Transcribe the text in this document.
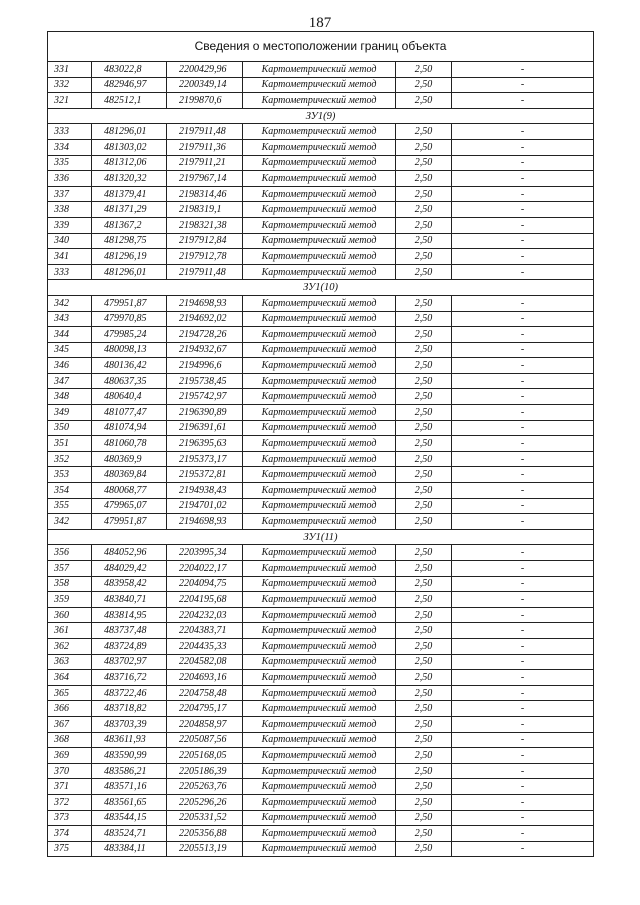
187
Сведения о местоположении границ объекта					
331	483022,8	2200429,96	Картометрический метод	2,50	-
332	482946,97	2200349,14	Картометрический метод	2,50	-
321	482512,1	2199870,6	Картометрический метод	2,50	-
ЗУ1(9)					
333	481296,01	2197911,48	Картометрический метод	2,50	-
334	481303,02	2197911,36	Картометрический метод	2,50	-
335	481312,06	2197911,21	Картометрический метод	2,50	-
336	481320,32	2197967,14	Картометрический метод	2,50	-
337	481379,41	2198314,46	Картометрический метод	2,50	-
338	481371,29	2198319,1	Картометрический метод	2,50	-
339	481367,2	2198321,38	Картометрический метод	2,50	-
340	481298,75	2197912,84	Картометрический метод	2,50	-
341	481296,19	2197912,78	Картометрический метод	2,50	-
333	481296,01	2197911,48	Картометрический метод	2,50	-
ЗУ1(10)					
342	479951,87	2194698,93	Картометрический метод	2,50	-
343	479970,85	2194692,02	Картометрический метод	2,50	-
344	479985,24	2194728,26	Картометрический метод	2,50	-
345	480098,13	2194932,67	Картометрический метод	2,50	-
346	480136,42	2194996,6	Картометрический метод	2,50	-
347	480637,35	2195738,45	Картометрический метод	2,50	-
348	480640,4	2195742,97	Картометрический метод	2,50	-
349	481077,47	2196390,89	Картометрический метод	2,50	-
350	481074,94	2196391,61	Картометрический метод	2,50	-
351	481060,78	2196395,63	Картометрический метод	2,50	-
352	480369,9	2195373,17	Картометрический метод	2,50	-
353	480369,84	2195372,81	Картометрический метод	2,50	-
354	480068,77	2194938,43	Картометрический метод	2,50	-
355	479965,07	2194701,02	Картометрический метод	2,50	-
342	479951,87	2194698,93	Картометрический метод	2,50	-
ЗУ1(11)					
356	484052,96	2203995,34	Картометрический метод	2,50	-
357	484029,42	2204022,17	Картометрический метод	2,50	-
358	483958,42	2204094,75	Картометрический метод	2,50	-
359	483840,71	2204195,68	Картометрический метод	2,50	-
360	483814,95	2204232,03	Картометрический метод	2,50	-
361	483737,48	2204383,71	Картометрический метод	2,50	-
362	483724,89	2204435,33	Картометрический метод	2,50	-
363	483702,97	2204582,08	Картометрический метод	2,50	-
364	483716,72	2204693,16	Картометрический метод	2,50	-
365	483722,46	2204758,48	Картометрический метод	2,50	-
366	483718,82	2204795,17	Картометрический метод	2,50	-
367	483703,39	2204858,97	Картометрический метод	2,50	-
368	483611,93	2205087,56	Картометрический метод	2,50	-
369	483590,99	2205168,05	Картометрический метод	2,50	-
370	483586,21	2205186,39	Картометрический метод	2,50	-
371	483571,16	2205263,76	Картометрический метод	2,50	-
372	483561,65	2205296,26	Картометрический метод	2,50	-
373	483544,15	2205331,52	Картометрический метод	2,50	-
374	483524,71	2205356,88	Картометрический метод	2,50	-
375	483384,11	2205513,19	Картометрический метод	2,50	-
